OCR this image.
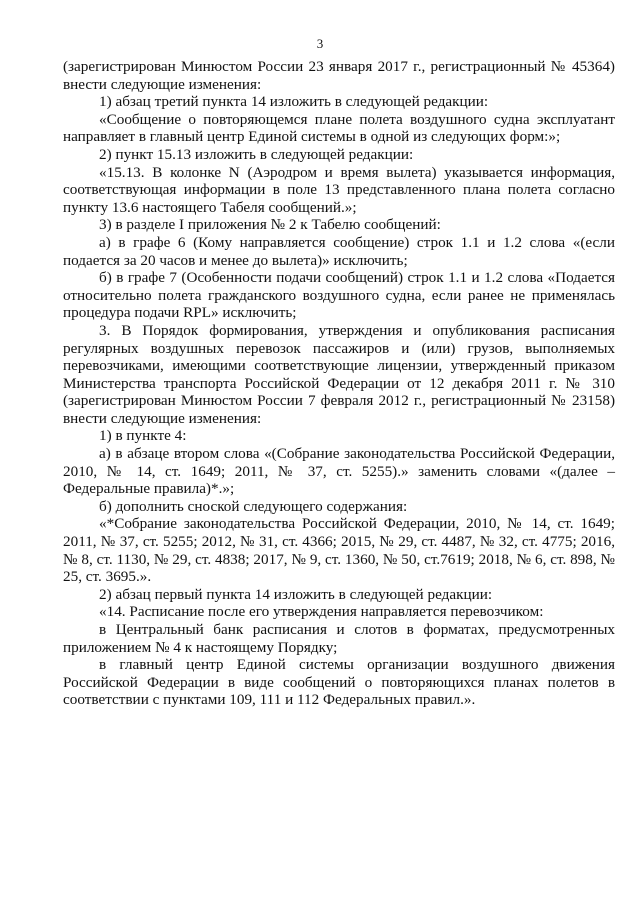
3

(зарегистрирован Минюстом России 23 января 2017 г., регистрационный № 45364) внести следующие изменения:

1) абзац третий пункта 14 изложить в следующей редакции:

«Сообщение о повторяющемся плане полета воздушного судна эксплуатант направляет в главный центр Единой системы в одной из следующих форм:»;

2) пункт 15.13 изложить в следующей редакции:

«15.13. В колонке N (Аэродром и время вылета) указывается информация, соответствующая информации в поле 13 представленного плана полета согласно пункту 13.6 настоящего Табеля сообщений.»;

3) в разделе I приложения № 2 к Табелю сообщений:

а) в графе 6 (Кому направляется сообщение) строк 1.1 и 1.2 слова «(если подается за 20 часов и менее до вылета)» исключить;

б) в графе 7 (Особенности подачи сообщений) строк 1.1 и 1.2 слова «Подается относительно полета гражданского воздушного судна, если ранее не применялась процедура подачи RPL» исключить;

3. В Порядок формирования, утверждения и опубликования расписания регулярных воздушных перевозок пассажиров и (или) грузов, выполняемых перевозчиками, имеющими соответствующие лицензии, утвержденный приказом Министерства транспорта Российской Федерации от 12 декабря 2011 г. № 310 (зарегистрирован Минюстом России 7 февраля 2012 г., регистрационный № 23158) внести следующие изменения:

1) в пункте 4:

а) в абзаце втором слова «(Собрание законодательства Российской Федерации, 2010, № 14, ст. 1649; 2011, № 37, ст. 5255).» заменить словами «(далее – Федеральные правила)*.»;

б) дополнить сноской следующего содержания:

«*Собрание законодательства Российской Федерации, 2010, № 14, ст. 1649; 2011, № 37, ст. 5255; 2012, № 31, ст. 4366; 2015, № 29, ст. 4487, № 32, ст. 4775; 2016, № 8, ст. 1130, № 29, ст. 4838; 2017, № 9, ст. 1360, № 50, ст.7619; 2018, № 6, ст. 898, № 25, ст. 3695.».

2) абзац первый пункта 14 изложить в следующей редакции:

«14. Расписание после его утверждения направляется перевозчиком:

в Центральный банк расписания и слотов в форматах, предусмотренных приложением № 4 к настоящему Порядку;

в главный центр Единой системы организации воздушного движения Российской Федерации в виде сообщений о повторяющихся планах полетов в соответствии с пунктами 109, 111 и 112 Федеральных правил.».
